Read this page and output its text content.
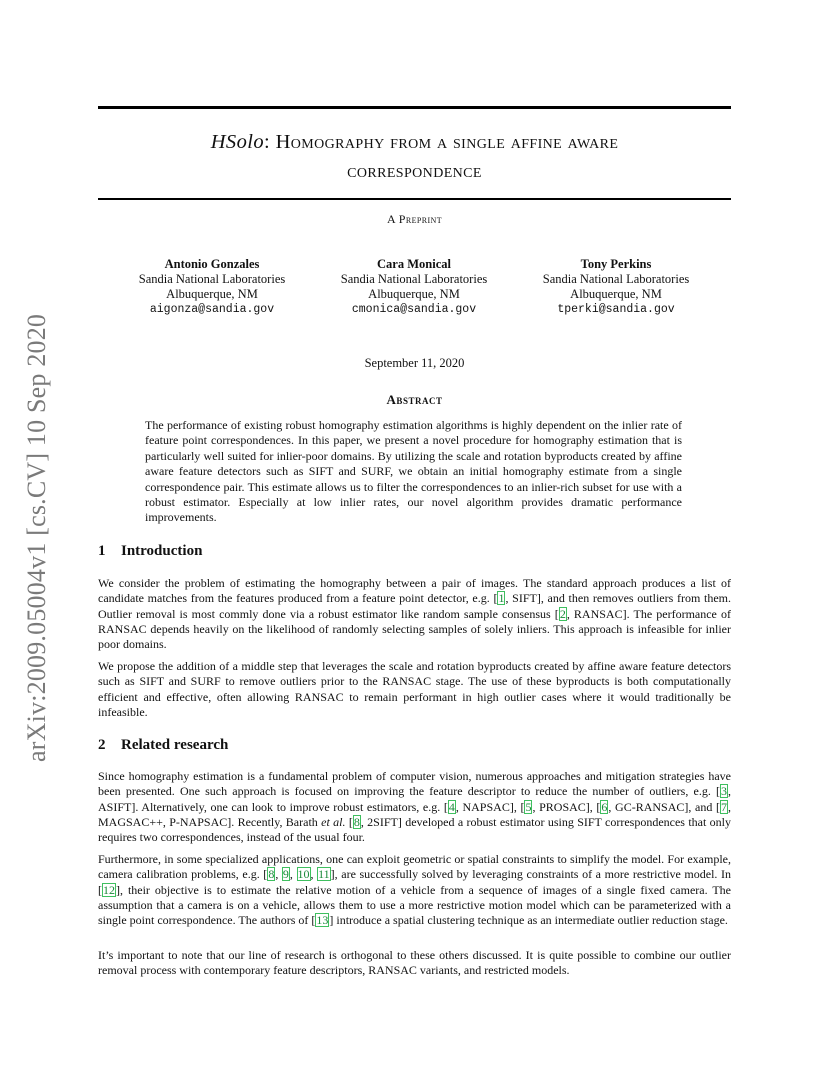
arXiv:2009.05004v1 [cs.CV] 10 Sep 2020
HSolo: Homography from a single affine aware
correspondence
A Preprint
Antonio Gonzales
Sandia National Laboratories
Albuquerque, NM
aigonza@sandia.gov
Cara Monical
Sandia National Laboratories
Albuquerque, NM
cmonica@sandia.gov
Tony Perkins
Sandia National Laboratories
Albuquerque, NM
tperki@sandia.gov
September 11, 2020
Abstract
The performance of existing robust homography estimation algorithms is highly dependent on the inlier rate of feature point correspondences. In this paper, we present a novel procedure for homography estimation that is particularly well suited for inlier-poor domains. By utilizing the scale and rotation byproducts created by affine aware feature detectors such as SIFT and SURF, we obtain an initial homography estimate from a single correspondence pair. This estimate allows us to filter the correspondences to an inlier-rich subset for use with a robust estimator. Especially at low inlier rates, our novel algorithm provides dramatic performance improvements.
1 Introduction
We consider the problem of estimating the homography between a pair of images. The standard approach produces a list of candidate matches from the features produced from a feature point detector, e.g. [1, SIFT], and then removes outliers from them. Outlier removal is most commly done via a robust estimator like random sample consensus [2, RANSAC]. The performance of RANSAC depends heavily on the likelihood of randomly selecting samples of solely inliers. This approach is infeasible for inlier poor domains.
We propose the addition of a middle step that leverages the scale and rotation byproducts created by affine aware feature detectors such as SIFT and SURF to remove outliers prior to the RANSAC stage. The use of these byproducts is both computationally efficient and effective, often allowing RANSAC to remain performant in high outlier cases where it would traditionally be infeasible.
2 Related research
Since homography estimation is a fundamental problem of computer vision, numerous approaches and mitigation strategies have been presented. One such approach is focused on improving the feature descriptor to reduce the number of outliers, e.g. [3, ASIFT]. Alternatively, one can look to improve robust estimators, e.g. [4, NAPSAC], [5, PROSAC], [6, GC-RANSAC], and [7, MAGSAC++, P-NAPSAC]. Recently, Barath et al. [8, 2SIFT] developed a robust estimator using SIFT correspondences that only requires two correspondences, instead of the usual four.
Furthermore, in some specialized applications, one can exploit geometric or spatial constraints to simplify the model. For example, camera calibration problems, e.g. [8, 9, 10, 11], are successfully solved by leveraging constraints of a more restrictive model. In [12], their objective is to estimate the relative motion of a vehicle from a sequence of images of a single fixed camera. The assumption that a camera is on a vehicle, allows them to use a more restrictive motion model which can be parameterized with a single point correspondence. The authors of [13] introduce a spatial clustering technique as an intermediate outlier reduction stage.
It’s important to note that our line of research is orthogonal to these others discussed. It is quite possible to combine our outlier removal process with contemporary feature descriptors, RANSAC variants, and restricted models.
